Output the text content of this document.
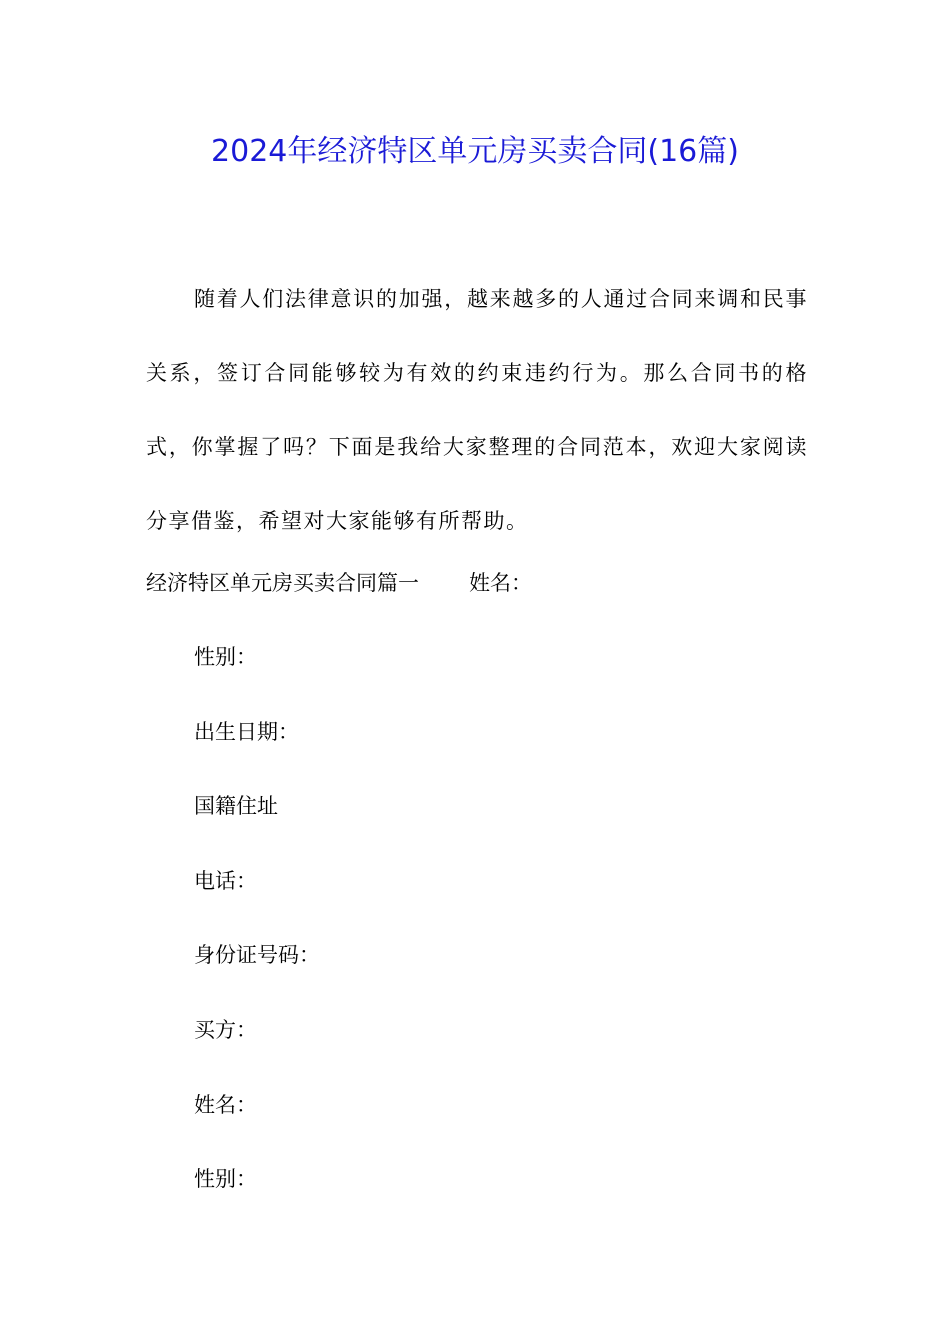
2024年经济特区单元房买卖合同(16篇)

随着人们法律意识的加强，越来越多的人通过合同来调和民事关系，签订合同能够较为有效的约束违约行为。那么合同书的格式，你掌握了吗？下面是我给大家整理的合同范本，欢迎大家阅读分享借鉴，希望对大家能够有所帮助。

经济特区单元房买卖合同篇一 姓名：

性别：

出生日期：

国籍住址

电话：

身份证号码：

买方：

姓名：

性别：
